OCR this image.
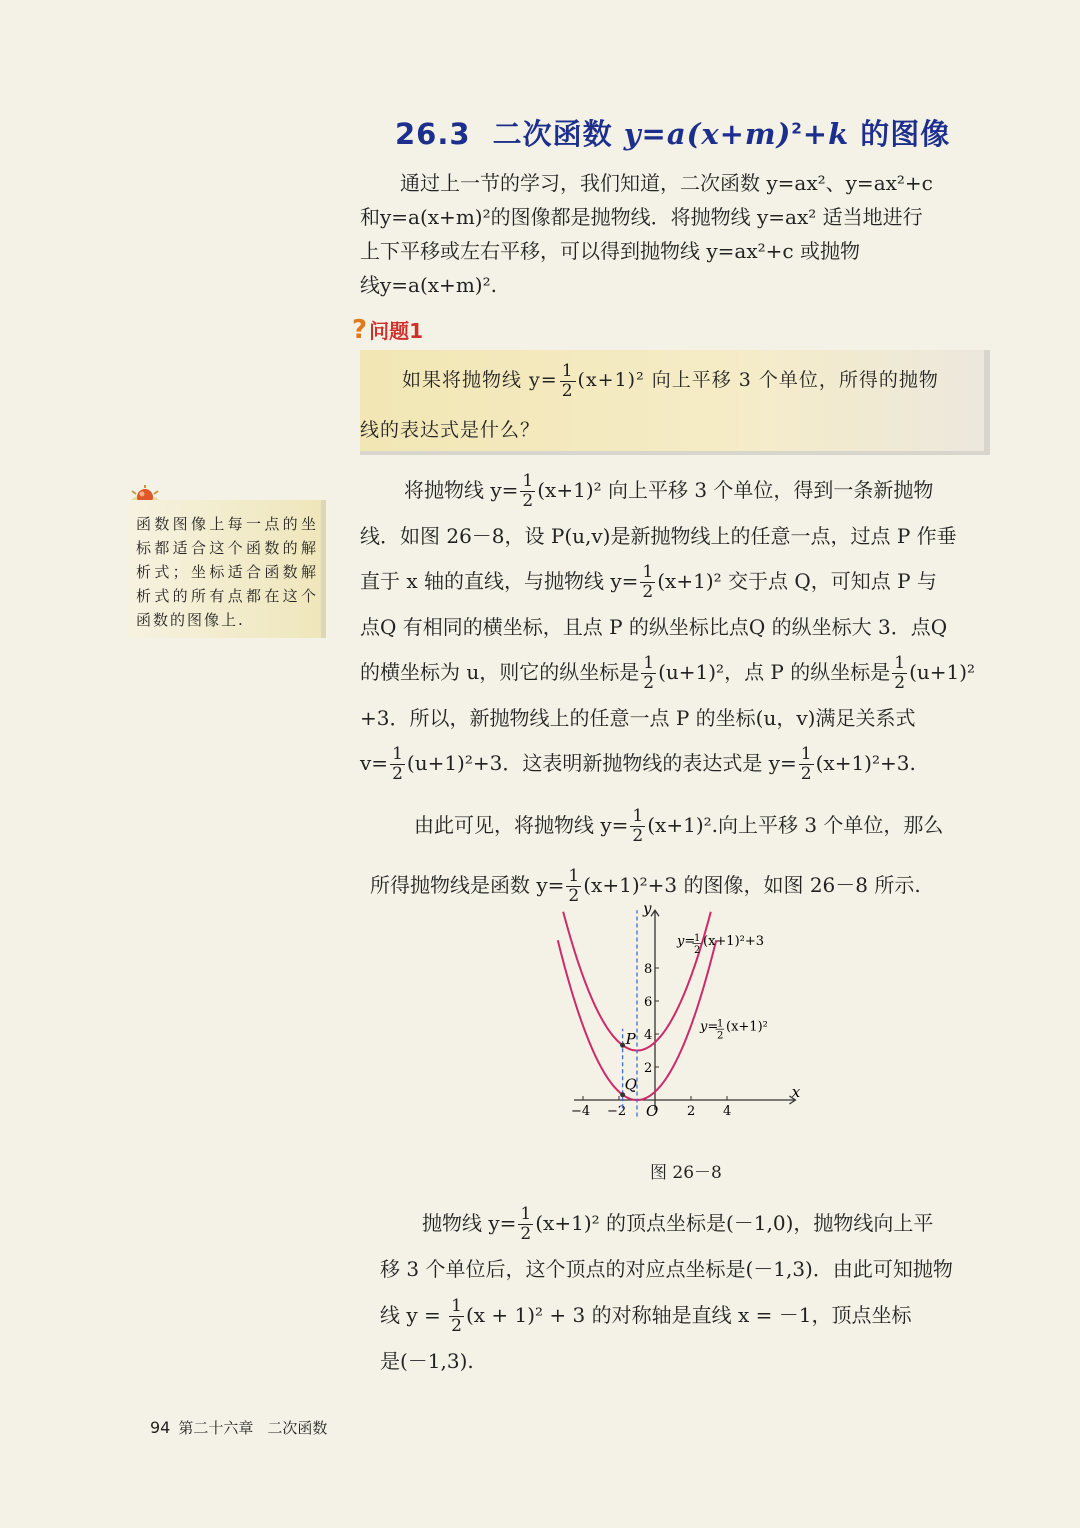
26.3 二次函数 $y=a(x+m)^2+k$ 的图像
通过上一节的学习，我们知道，二次函数 y=ax²、y=ax²+c
和y=a(x+m)²的图像都是抛物线．将抛物线 y=ax² 适当地进行
上下平移或左右平移，可以得到抛物线 y=ax²+c 或抛物
线y=a(x+m)².
? 问题1
如果将抛物线 $y= \frac{1}{2} (x+1)^2$ 向上平移 3 个单位，所得的抛物
线的表达式是什么？
函数图像上每一点的坐标都适合这个函数的解析式；坐标适合函数解析式的所有点都在这个函数的图像上.
将抛物线 $y= \frac{1}{2} (x+1)^2$ 向上平移 3 个单位，得到一条新抛物
线．如图 26－8，设 P(u,v)是新抛物线上的任意一点，过点 P 作垂
直于 x 轴的直线，与抛物线 $y= \frac{1}{2} (x+1)^2$ 交于点 Q，可知点 P 与
点Q 有相同的横坐标，且点 P 的纵坐标比点Q 的纵坐标大 3．点Q
的横坐标为 u，则它的纵坐标是 $\frac{1}{2} (u+1)^2$，点 P 的纵坐标是 $\frac{1}{2} (u+1)^2$
+3．所以，新抛物线上的任意一点 P 的坐标(u，v)满足关系式
$v= \frac{1}{2} (u+1)^2+3$．这表明新抛物线的表达式是 $y= \frac{1}{2} (x+1)^2+3$.
由此可见，将抛物线 $y= \frac{1}{2} (x+1)^2$.向上平移 3 个单位，那么
所得抛物线是函数 $y= \frac{1}{2} (x+1)^2+3$ 的图像，如图 26－8 所示.
−4 −2	2 4
2
4
6
8
P
Q
O
x
y
y=
1
2
(x+1)²+3
y=
1
2
(x+1)²
图 26－8
抛物线 $y= \frac{1}{2} (x+1)^2$ 的顶点坐标是(－1,0)，抛物线向上平
移 3 个单位后，这个顶点的对应点坐标是(－1,3)．由此可知抛物
线 $y = \frac{1}{2} (x + 1)^2 + 3$ 的对称轴是直线 x = －1，顶点坐标
是(－1,3).
94 第二十六章 二次函数
